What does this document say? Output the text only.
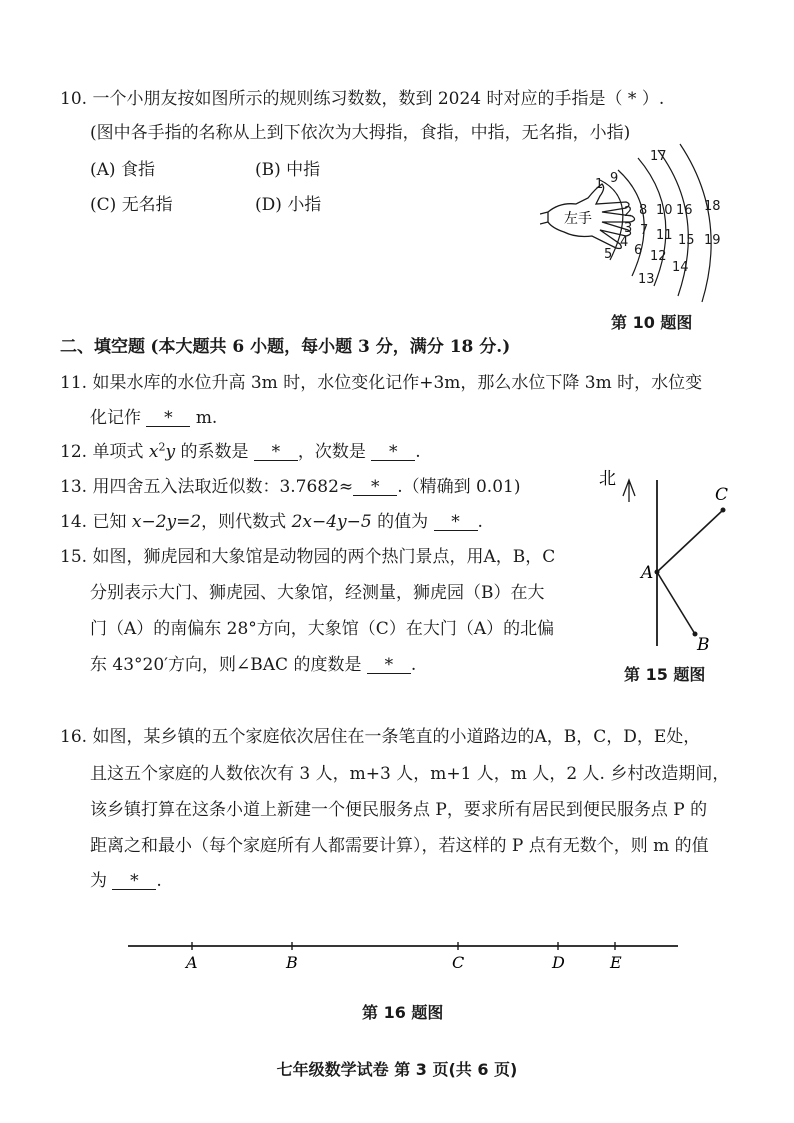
10. 一个小朋友按如图所示的规则练习数数，数到 2024 时对应的手指是（ * ）.
(图中各手指的名称从上到下依次为大拇指，食指，中指，无名指，小指)
(A) 食指	(B) 中指
(C) 无名指	(D) 小指
左手
1
2
3
4
5 6
7
8
9
10
11
12
13
14
15
16
17
18
19
第 10 题图
二、填空题 (本大题共 6 小题，每小题 3 分，满分 18 分.)
11. 如果水库的水位升高 3m 时，水位变化记作+3m，那么水位下降 3m 时，水位变
化记作 * m.
12. 单项式 $x^2y$ 的系数是 * ，次数是 * .
13. 用四舍五入法取近似数：3.7682≈ * .（精确到 0.01)
14. 已知 x−2y=2，则代数式 2x−4y−5 的值为 * .
15. 如图，狮虎园和大象馆是动物园的两个热门景点，用A，B，C
分别表示大门、狮虎园、大象馆，经测量，狮虎园（B）在大
门（A）的南偏东 28°方向，大象馆（C）在大门（A）的北偏
东 43°20′方向，则∠BAC 的度数是 * .
北
A
C
B
第 15 题图
16. 如图，某乡镇的五个家庭依次居住在一条笔直的小道路边的A，B，C，D，E处，
且这五个家庭的人数依次有 3 人，m+3 人，m+1 人，m 人，2 人. 乡村改造期间，
该乡镇打算在这条小道上新建一个便民服务点 P，要求所有居民到便民服务点 P 的
距离之和最小（每个家庭所有人都需要计算），若这样的 P 点有无数个，则 m 的值
为 * .
A	B	C	D	E
第 16 题图
七年级数学试卷 第 3 页(共 6 页)
